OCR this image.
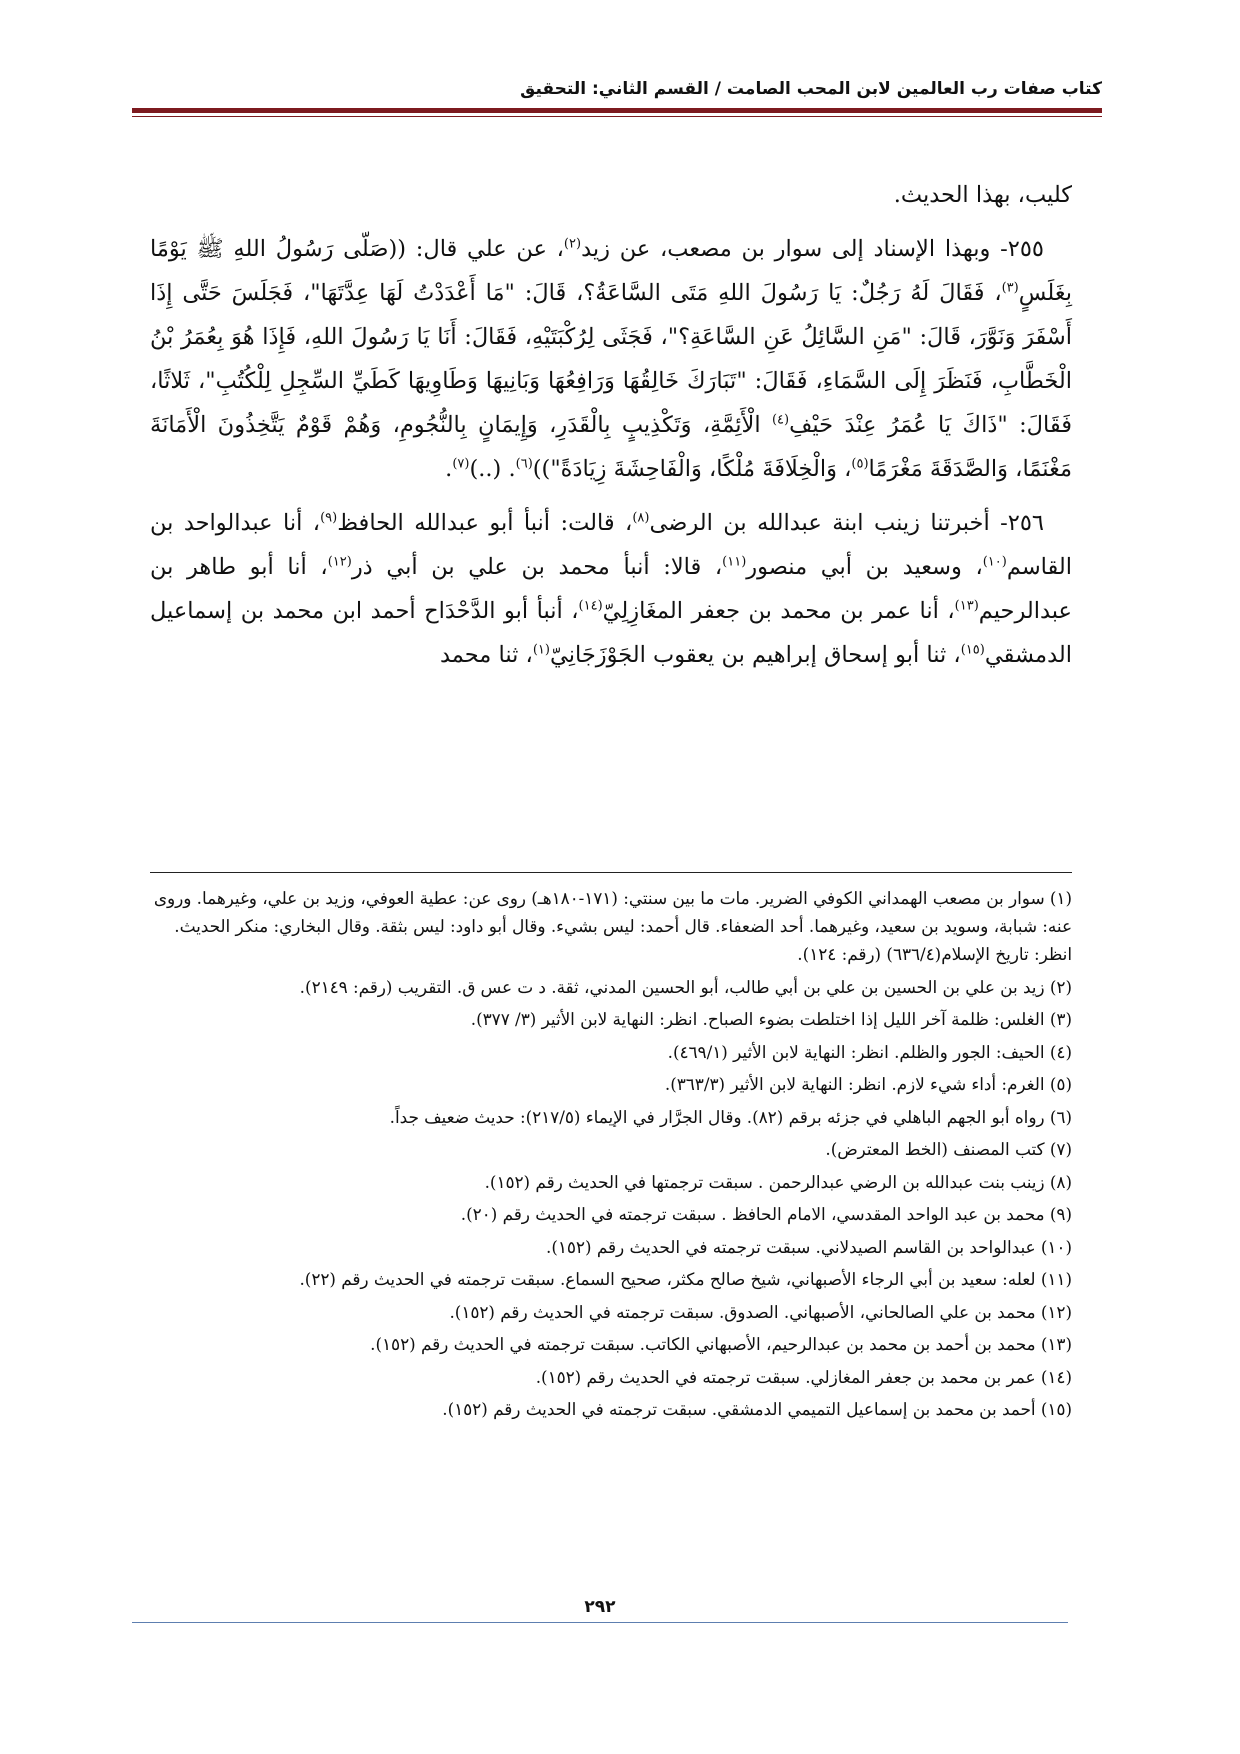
كتاب صفات رب العالمين لابن المحب الصامت / القسم الثاني: التحقيق

كليب، بهذا الحديث.

٢٥٥- وبهذا الإسناد إلى سوار بن مصعب، عن زيد$^{(٢)}$، عن علي قال: ((صَلّى رَسُولُ اللهِ ﷺ يَوْمًا بِغَلَسٍ$^{(٣)}$، فَقَالَ لَهُ رَجُلٌ: يَا رَسُولَ اللهِ مَتَى السَّاعَةُ؟، قَالَ: "مَا أَعْدَدْتُ لَهَا عِدَّتَهَا"، فَجَلَسَ حَتَّى إِذَا أَسْفَرَ وَنَوَّرَ، قَالَ: "مَنِ السَّائِلُ عَنِ السَّاعَةِ؟"، فَجَثَى لِرُكْبَتَيْهِ، فَقَالَ: أَنَا يَا رَسُولَ اللهِ، فَإِذَا هُوَ بِعُمَرُ بْنُ الْخَطَّابِ، فَنَظَرَ إِلَى السَّمَاءِ، فَقَالَ: "تَبَارَكَ خَالِقُهَا وَرَافِعُهَا وَبَانِيهَا وَطَاوِيهَا كَطَيِّ السِّجِلِ لِلْكُتُبِ"، ثَلاثًا، فَقَالَ: "ذَاكَ يَا عُمَرُ عِنْدَ حَيْفِ$^{(٤)}$ الْأَئِمَّةِ، وَتَكْذِيبٍ بِالْقَدَرِ، وَإِيمَانٍ بِالنُّجُومِ، وَهُمْ قَوْمٌ يَتَّخِذُونَ الْأَمَانَةَ مَغْنَمًا، وَالصَّدَقَةَ مَغْرَمًا$^{(٥)}$، وَالْخِلَافَةَ مُلْكًا، وَالْفَاحِشَةَ زِيَادَةً"))$^{(٦)}$. (..)$^{(٧)}$.

٢٥٦- أخبرتنا زينب ابنة عبدالله بن الرضى$^{(٨)}$، قالت: أنبأ أبو عبدالله الحافظ$^{(٩)}$، أنا عبدالواحد بن القاسم$^{(١٠)}$، وسعيد بن أبي منصور$^{(١١)}$، قالا: أنبأ محمد بن علي بن أبي ذر$^{(١٢)}$، أنا أبو طاهر بن عبدالرحيم$^{(١٣)}$، أنا عمر بن محمد بن جعفر المغَازِلِيّ$^{(١٤)}$، أنبأ أبو الدَّحْدَاح أحمد ابن محمد بن إسماعيل الدمشقي$^{(١٥)}$، ثنا أبو إسحاق إبراهيم بن يعقوب الجَوْزَجَانِيّ$^{(١)}$، ثنا محمد

(١) سوار بن مصعب الهمداني الكوفي الضرير. مات ما بين سنتي: (١٧١-١٨٠هـ) روى عن: عطية العوفي، وزيد بن علي، وغيرهما. وروى عنه: شبابة، وسويد بن سعيد، وغيرهما. أحد الضعفاء. قال أحمد: ليس بشيء. وقال أبو داود: ليس بثقة. وقال البخاري: منكر الحديث. انظر: تاريخ الإسلام(٦٣٦/٤) (رقم: ١٢٤).

(٢) زيد بن علي بن الحسين بن علي بن أبي طالب، أبو الحسين المدني، ثقة. د ت عس ق. التقريب (رقم: ٢١٤٩).

(٣) الغلس: ظلمة آخر الليل إذا اختلطت بضوء الصباح. انظر: النهاية لابن الأثير (٣/ ٣٧٧).

(٤) الحيف: الجور والظلم. انظر: النهاية لابن الأثير (٤٦٩/١).

(٥) الغرم: أداء شيء لازم. انظر: النهاية لابن الأثير (٣٦٣/٣).

(٦) رواه أبو الجهم الباهلي في جزئه برقم (٨٢). وقال الجرَّار في الإيماء (٢١٧/٥): حديث ضعيف جداً.

(٧) كتب المصنف (الخط المعترض).

(٨) زينب بنت عبدالله بن الرضي عبدالرحمن . سبقت ترجمتها في الحديث رقم (١٥٢).

(٩) محمد بن عبد الواحد المقدسي، الامام الحافظ . سبقت ترجمته في الحديث رقم (٢٠).

(١٠) عبدالواحد بن القاسم الصيدلاني. سبقت ترجمته في الحديث رقم (١٥٢).

(١١) لعله: سعيد بن أبي الرجاء الأصبهاني، شيخ صالح مكثر، صحيح السماع. سبقت ترجمته في الحديث رقم (٢٢).

(١٢) محمد بن علي الصالحاني، الأصبهاني. الصدوق. سبقت ترجمته في الحديث رقم (١٥٢).

(١٣) محمد بن أحمد بن محمد بن عبدالرحيم، الأصبهاني الكاتب. سبقت ترجمته في الحديث رقم (١٥٢).

(١٤) عمر بن محمد بن جعفر المغازلي. سبقت ترجمته في الحديث رقم (١٥٢).

(١٥) أحمد بن محمد بن إسماعيل التميمي الدمشقي. سبقت ترجمته في الحديث رقم (١٥٢).

٢٩٢
